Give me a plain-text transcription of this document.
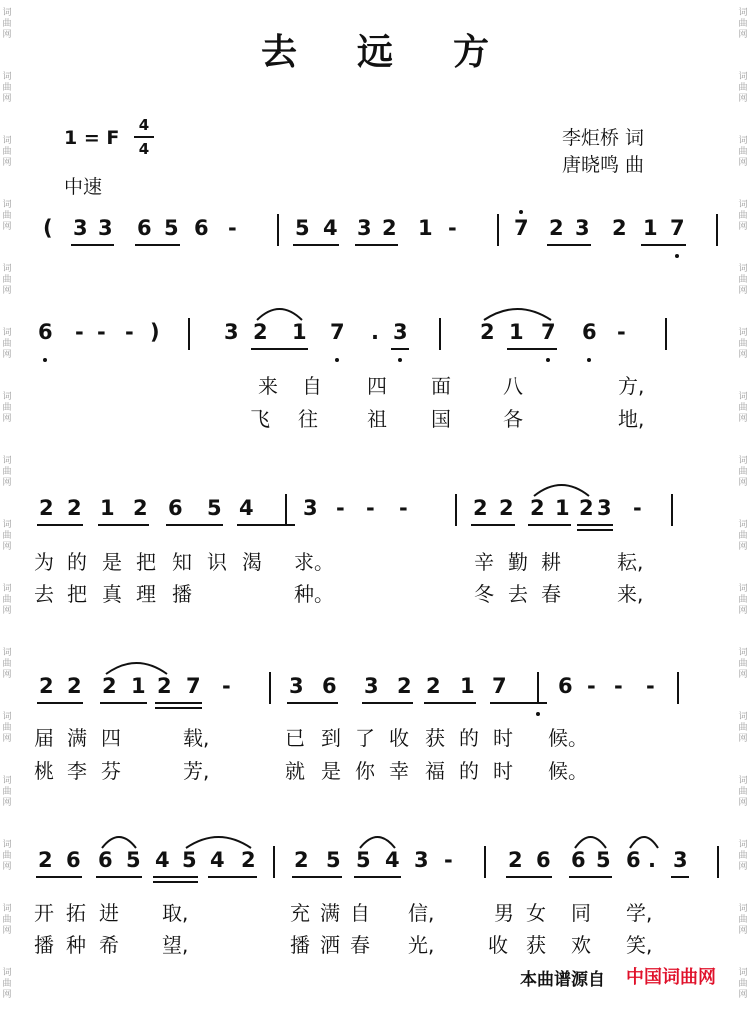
词
曲
网
词
曲
网
词
曲
网
词
曲
网
词
曲
网
词
曲
网
词
曲
网
词
曲
网
词
曲
网
词
曲
网
词
曲
网
词
曲
网
词
曲
网
词
曲
网
词
曲
网
词
曲
网
词
曲
网
词
曲
网
词
曲
网
词
曲
网
词
曲
网
词
曲
网
词
曲
网
词
曲
网
词
曲
网
词
曲
网
词
曲
网
词
曲
网
词
曲
网
词
曲
网
词
曲
网
词
曲
网
去远方
1 = F
4
4	李炬桥 词
唐晓鸣 曲
中速
( 3 3 6 5 6 -	5 4 3 2 1 -	7 2 3 2 1 7
6 - - - )	3 2 1 7 . 3	2 1 7 6 -
来 自 四 面	八	方,
飞 往 祖 国	各	地,
2 2 1 2 6 5 4 3 - - -	2 2 2 1 2 3 -
为 的 是 把 知 识 渴 求。	辛 勤 耕	耘,
去 把 真 理 播	种。	冬 去 春	来,
2 2 2 1 2 7 -	3 6 3 2 2 1 7 6 - - -
届 满 四	载,	已 到 了 收 获 的 时 候。
桃 李 芬	芳,	就 是 你 幸 福 的 时 候。
2 6 6 5 4 5 4 2 2 5 5 4 3 -	2 6 6 5 6 . 3
开 拓 进 取,	充 满 自 信,	男 女 同 学,
播 种 希 望,	播 洒 春 光,	收 获 欢 笑,
本曲谱源自 中国词曲网
